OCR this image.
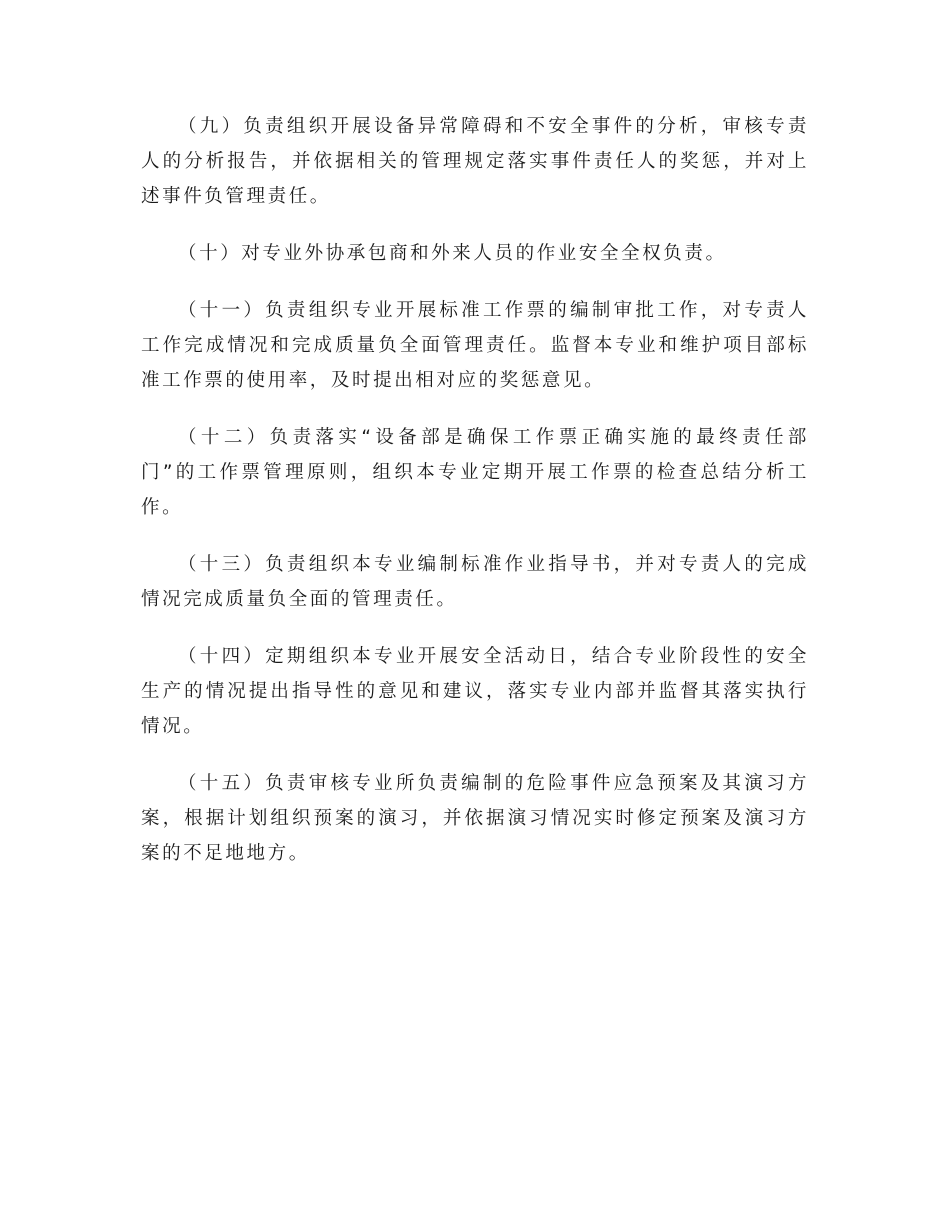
（九）负责组织开展设备异常障碍和不安全事件的分析，审核专责人的分析报告，并依据相关的管理规定落实事件责任人的奖惩，并对上述事件负管理责任。

（十）对专业外协承包商和外来人员的作业安全全权负责。

（十一）负责组织专业开展标准工作票的编制审批工作，对专责人工作完成情况和完成质量负全面管理责任。监督本专业和维护项目部标准工作票的使用率，及时提出相对应的奖惩意见。

（十二）负责落实“设备部是确保工作票正确实施的最终责任部门”的工作票管理原则，组织本专业定期开展工作票的检查总结分析工作。

（十三）负责组织本专业编制标准作业指导书，并对专责人的完成情况完成质量负全面的管理责任。

（十四）定期组织本专业开展安全活动日，结合专业阶段性的安全生产的情况提出指导性的意见和建议，落实专业内部并监督其落实执行情况。

（十五）负责审核专业所负责编制的危险事件应急预案及其演习方案，根据计划组织预案的演习，并依据演习情况实时修定预案及演习方案的不足地地方。
